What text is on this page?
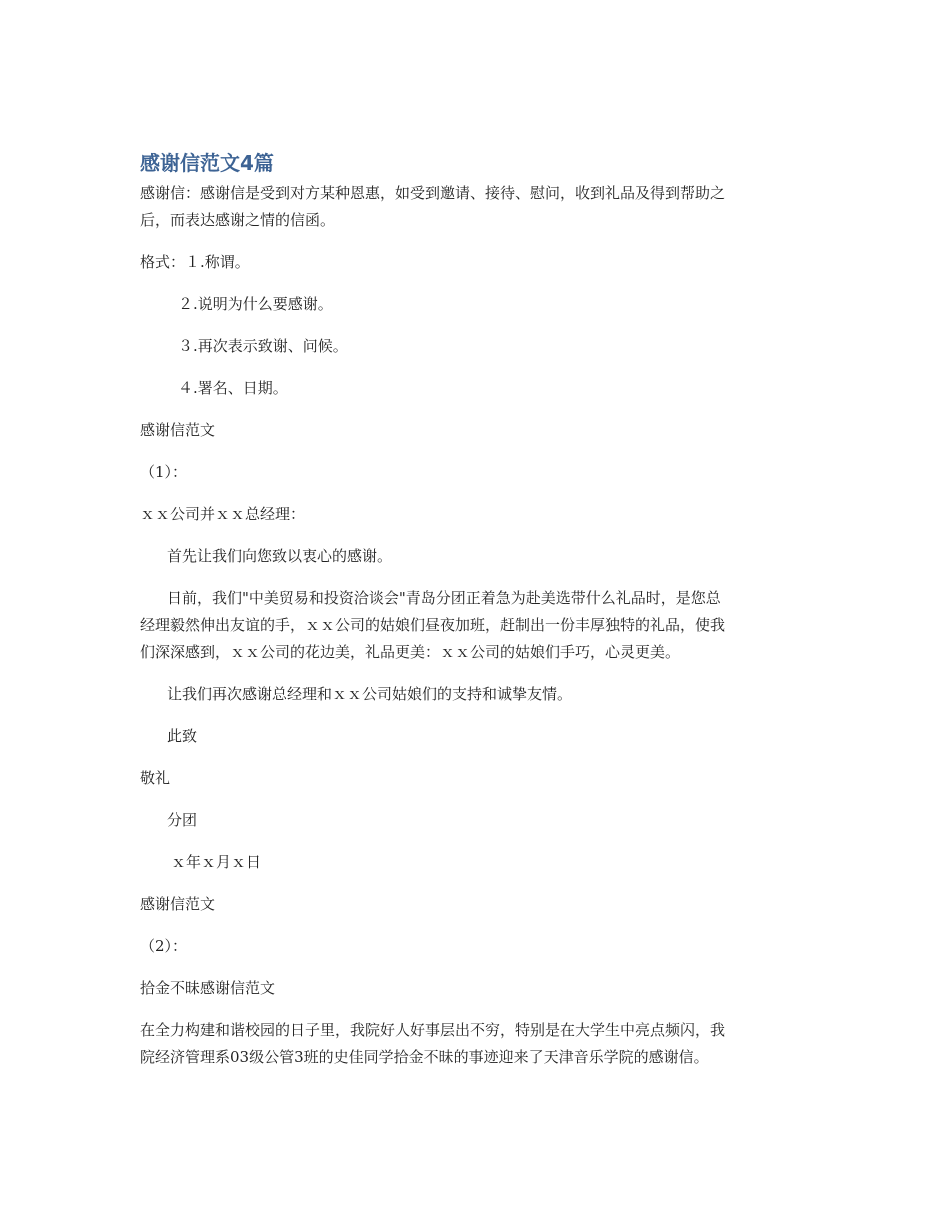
感谢信范文4篇
感谢信：感谢信是受到对方某种恩惠，如受到邀请、接待、慰问，收到礼品及得到帮助之
后，而表达感谢之情的信函。
格式：１.称谓。
２.说明为什么要感谢。
３.再次表示致谢、问候。
４.署名、日期。
感谢信范文
（1）：
ｘｘ公司并ｘｘ总经理：
首先让我们向您致以衷心的感谢。
日前，我们"中美贸易和投资洽谈会"青岛分团正着急为赴美选带什么礼品时，是您总
经理毅然伸出友谊的手，ｘｘ公司的姑娘们昼夜加班，赶制出一份丰厚独特的礼品，使我
们深深感到，ｘｘ公司的花边美，礼品更美：ｘｘ公司的姑娘们手巧，心灵更美。
让我们再次感谢总经理和ｘｘ公司姑娘们的支持和诚挚友情。
此致
敬礼
分团
ｘ年ｘ月ｘ日
感谢信范文
（2）：
拾金不昧感谢信范文
在全力构建和谐校园的日子里，我院好人好事层出不穷，特别是在大学生中亮点频闪，我
院经济管理系03级公管3班的史佳同学拾金不昧的事迹迎来了天津音乐学院的感谢信。
